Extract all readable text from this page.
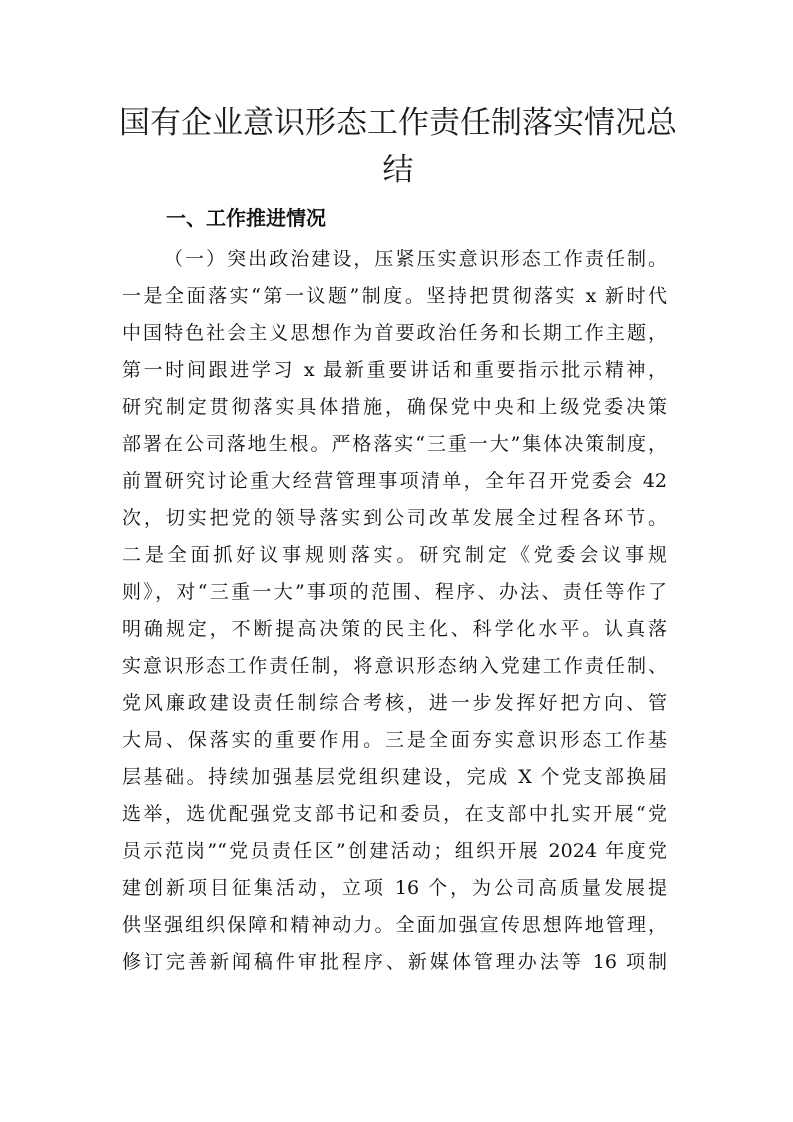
国有企业意识形态工作责任制落实情况总结
一、工作推进情况
（一）突出政治建设，压紧压实意识形态工作责任制。
一是全面落实“第一议题”制度。坚持把贯彻落实 x 新时代
中国特色社会主义思想作为首要政治任务和长期工作主题，
第一时间跟进学习 x 最新重要讲话和重要指示批示精神，
研究制定贯彻落实具体措施，确保党中央和上级党委决策
部署在公司落地生根。严格落实“三重一大”集体决策制度，
前置研究讨论重大经营管理事项清单，全年召开党委会 42
次，切实把党的领导落实到公司改革发展全过程各环节。
二是全面抓好议事规则落实。研究制定《党委会议事规
则》，对“三重一大”事项的范围、程序、办法、责任等作了
明确规定，不断提高决策的民主化、科学化水平。认真落
实意识形态工作责任制，将意识形态纳入党建工作责任制、
党风廉政建设责任制综合考核，进一步发挥好把方向、管
大局、保落实的重要作用。三是全面夯实意识形态工作基
层基础。持续加强基层党组织建设，完成 X 个党支部换届
选举，选优配强党支部书记和委员，在支部中扎实开展“党
员示范岗”“党员责任区”创建活动；组织开展 2024 年度党
建创新项目征集活动，立项 16 个，为公司高质量发展提
供坚强组织保障和精神动力。全面加强宣传思想阵地管理，
修订完善新闻稿件审批程序、新媒体管理办法等 16 项制
